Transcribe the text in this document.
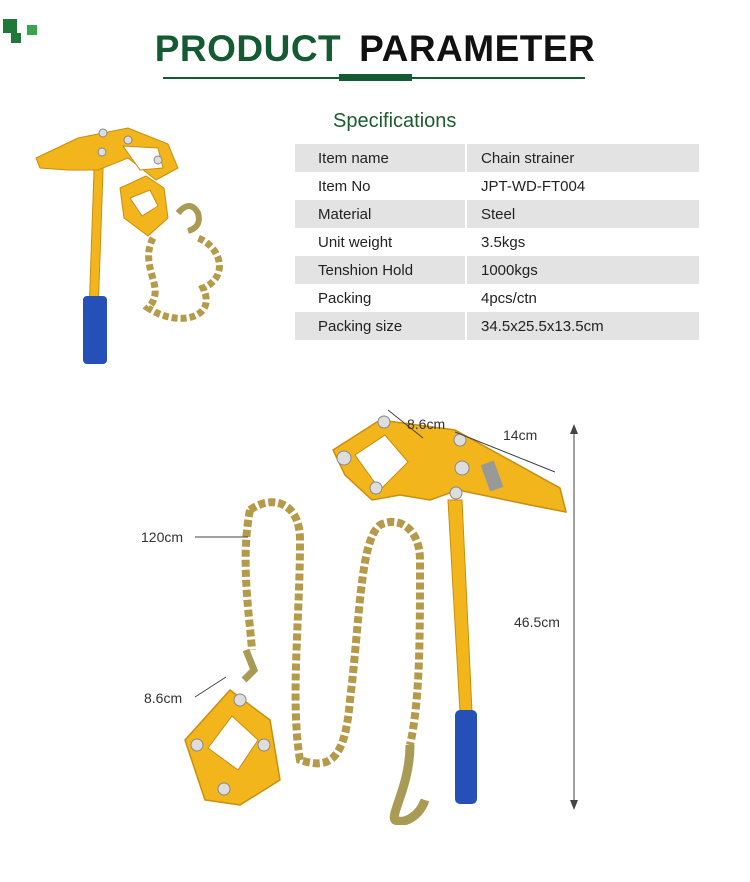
PRODUCT PARAMETER
Specifications
Item name	Chain strainer
Item No	JPT-WD-FT004
Material	Steel
Unit weight	3.5kgs
Tenshion Hold	1000kgs
Packing	4pcs/ctn
Packing size	34.5x25.5x13.5cm
8.6cm
14cm
120cm
46.5cm
8.6cm
